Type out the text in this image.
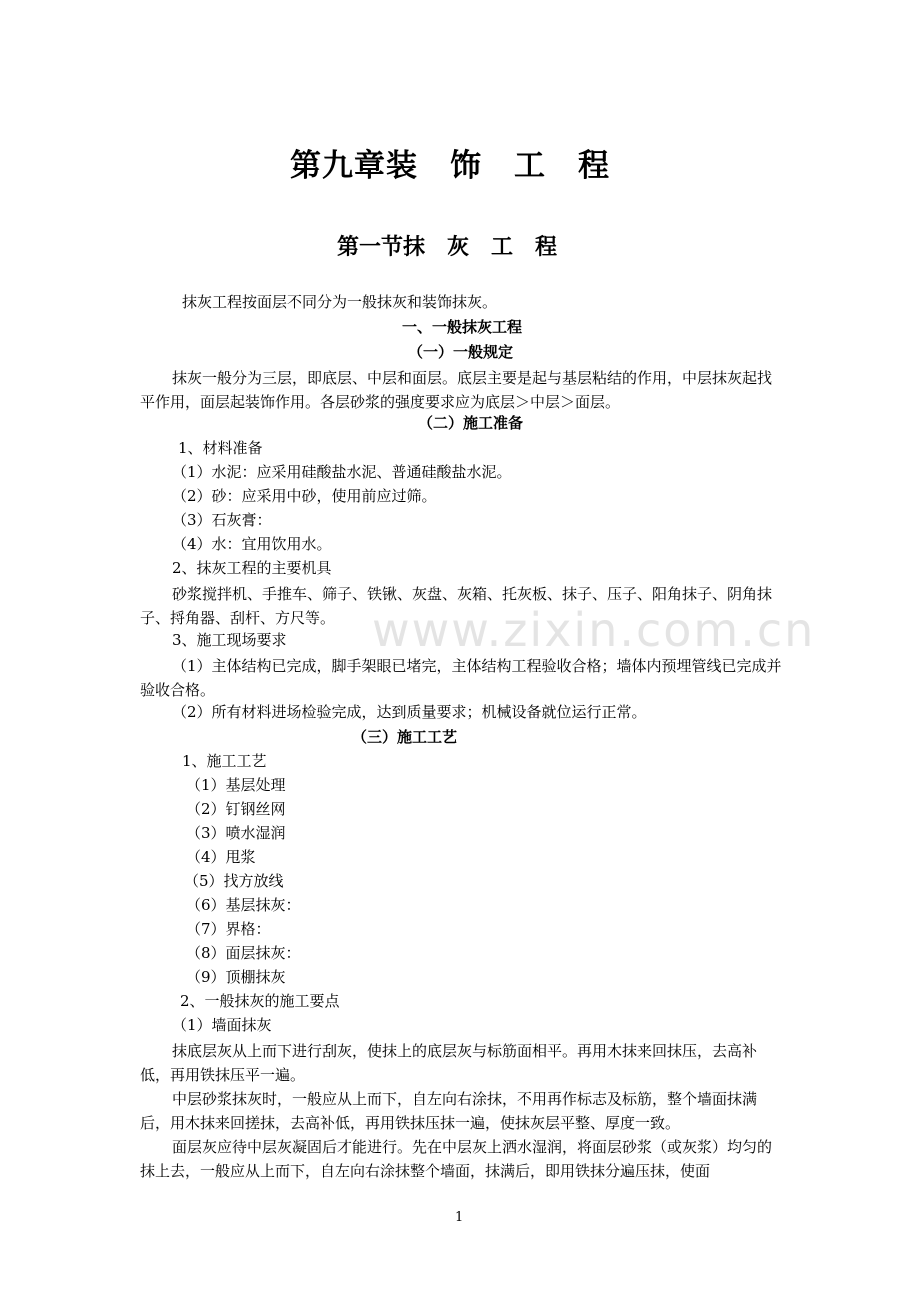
第九章装　饰　工　程
第一节抹　灰　工　程
抹灰工程按面层不同分为一般抹灰和装饰抹灰。
一、一般抹灰工程
（一）一般规定
抹灰一般分为三层，即底层、中层和面层。底层主要是起与基层粘结的作用，中层抹灰起找平作用，面层起装饰作用。各层砂浆的强度要求应为底层＞中层＞面层。
（二）施工准备
1、材料准备
（1）水泥：应采用硅酸盐水泥、普通硅酸盐水泥。
（2）砂：应采用中砂，使用前应过筛。
（3）石灰膏：
（4）水：宜用饮用水。
2、抹灰工程的主要机具
砂浆搅拌机、手推车、筛子、铁锹、灰盘、灰箱、托灰板、抹子、压子、阳角抹子、阴角抹子、捋角器、刮杆、方尺等。
3、施工现场要求
（1）主体结构已完成，脚手架眼已堵完，主体结构工程验收合格；墙体内预埋管线已完成并验收合格。
（2）所有材料进场检验完成，达到质量要求；机械设备就位运行正常。
（三）施工工艺
1、施工工艺
（1）基层处理
（2）钉钢丝网
（3）喷水湿润
（4）甩浆
（5）找方放线
（6）基层抹灰：
（7）界格：
（8）面层抹灰：
（9）顶棚抹灰
2、一般抹灰的施工要点
（1）墙面抹灰
抹底层灰从上而下进行刮灰，使抹上的底层灰与标筋面相平。再用木抹来回抹压，去高补低，再用铁抹压平一遍。
中层砂浆抹灰时，一般应从上而下，自左向右涂抹，不用再作标志及标筋，整个墙面抹满后，用木抹来回搓抹，去高补低，再用铁抹压抹一遍，使抹灰层平整、厚度一致。
面层灰应待中层灰凝固后才能进行。先在中层灰上洒水湿润，将面层砂浆（或灰浆）均匀的抹上去，一般应从上而下，自左向右涂抹整个墙面，抹满后，即用铁抹分遍压抹，使面
www.zixin.com.cn
1
